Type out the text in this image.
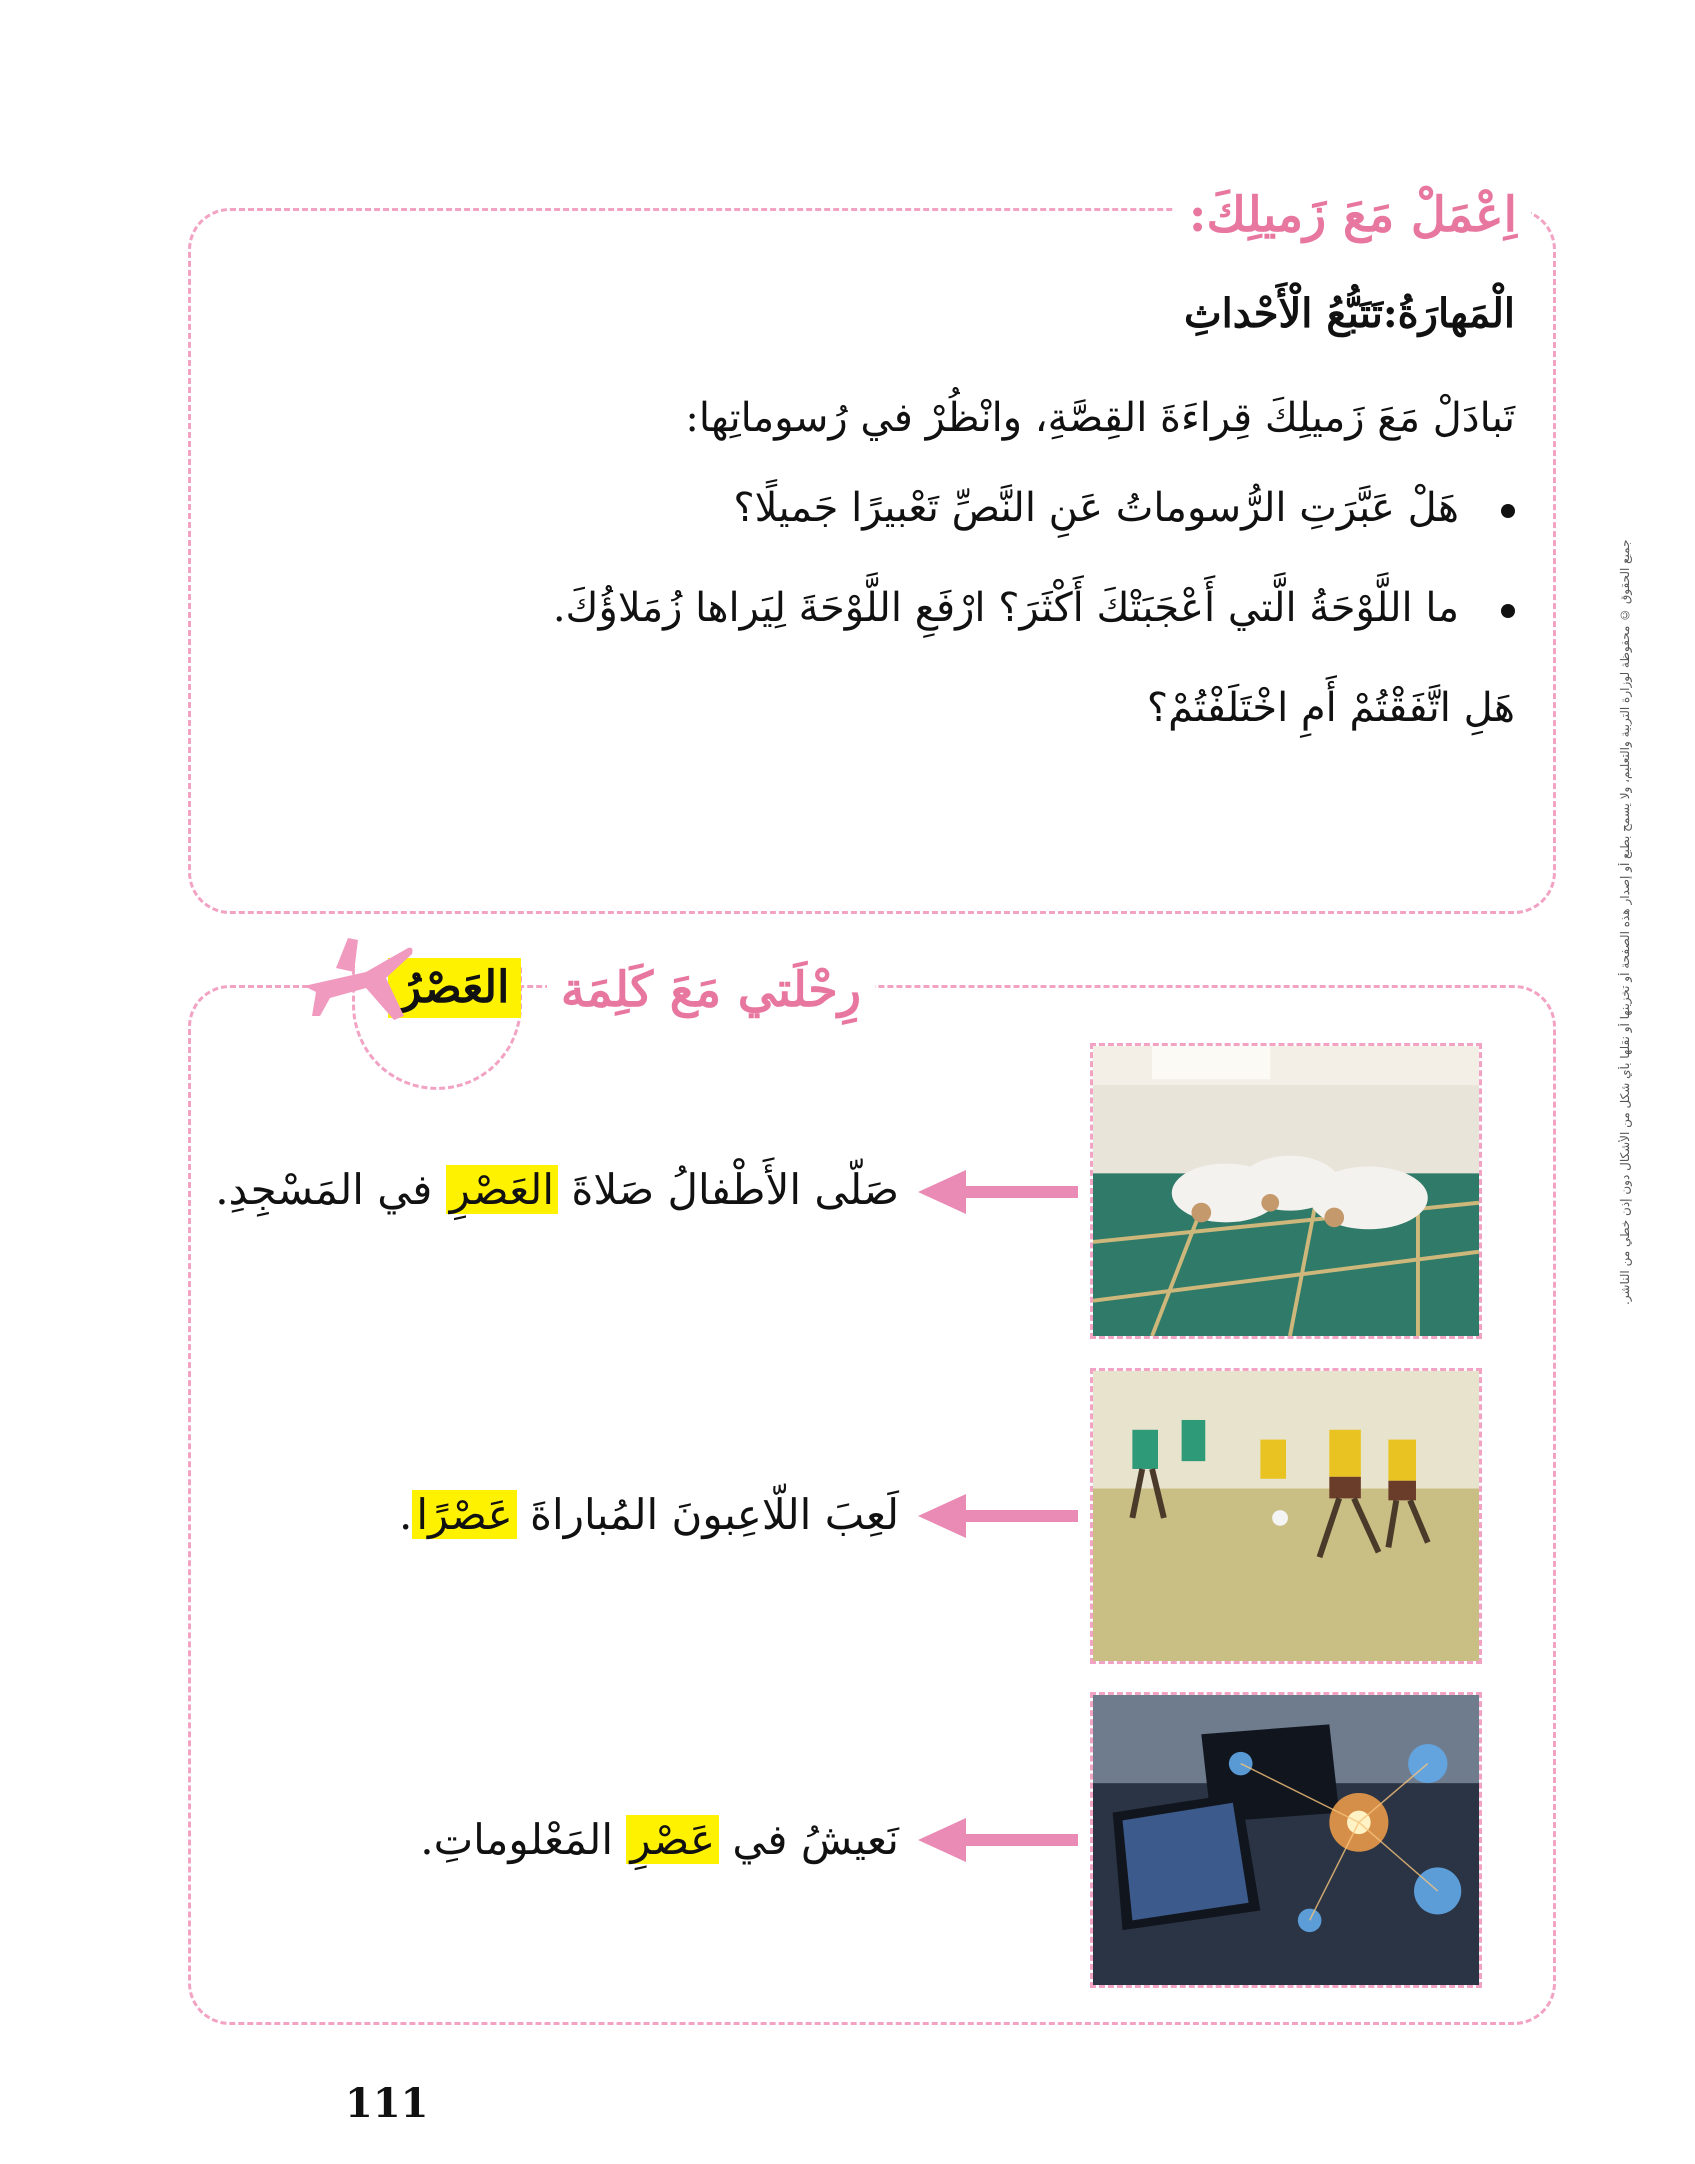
اِعْمَلْ مَعَ زَميلِكَ:
الْمَهارَةُ:تَتَبُّعُ الْأَحْداثِ
تَبادَلْ مَعَ زَميلِكَ قِراءَةَ القِصَّةِ، وانْظُرْ في رُسوماتِها:
هَلْ عَبَّرَتِ الرُّسوماتُ عَنِ النَّصِّ تَعْبيرًا جَميلًا؟
ما اللَّوْحَةُ الَّتي أَعْجَبَتْكَ أَكْثَرَ؟ ارْفَعِ اللَّوْحَةَ لِيَراها زُمَلاؤُكَ.
هَلِ اتَّفَقْتُمْ أَمِ اخْتَلَفْتُمْ؟
رِحْلَتي مَعَ كَلِمَة
العَصْرُ
صَلّى الأَطْفالُ صَلاةَ العَصْرِ في المَسْجِدِ.
لَعِبَ اللّاعِبونَ المُباراةَ عَصْرًا.
نَعيشُ في عَصْرِ المَعْلوماتِ.
جميع الحقوق © محفوظة لوزارة التربية والتعليم، ولا يسمح بطبع أو إصدار هذه الصفحة أو تخزينها أو نقلها بأي شكل من الأشكال دون إذن خطي من الناشر.
111
